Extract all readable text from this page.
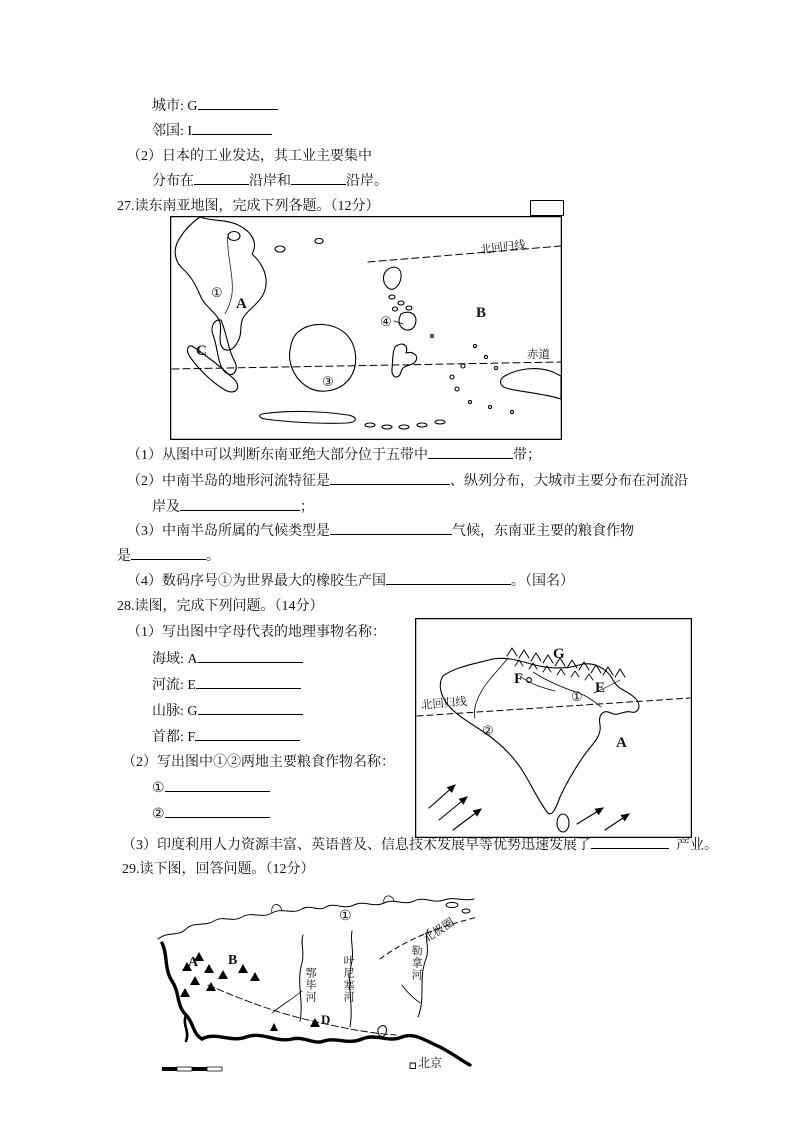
城市: G
邻国: I
（2）日本的工业发达，其工业主要集中
分布在	沿岸和	沿岸。
27.读东南亚地图，完成下列各题。（12分）
北回归线
赤道
①
A
C
④
B
③
（1）从图中可以判断东南亚绝大部分位于五带中	带；
（2）中南半岛的地形河流特征是	、纵列分布，大城市主要分布在河流沿
岸及	；
（3）中南半岛所属的气候类型是	气候，东南亚主要的粮食作物
是	。
（4）数码序号①为世界最大的橡胶生产国	。（国名）
28.读图，完成下列问题。（14分）
（1）写出图中字母代表的地理事物名称：
海域: A
河流: E
山脉: G
首都: F
（2）写出图中①②两地主要粮食作物名称：
①
②
（3）印度利用人力资源丰富、英语普及、信息技术发展早等优势迅速发展了	产业。
29.读下图，回答问题。（12分）
G
E
①
F
北回归线
②
A
①
A B
鄂毕河 叶尼塞河	勒拿河
北极圈
D
北京
